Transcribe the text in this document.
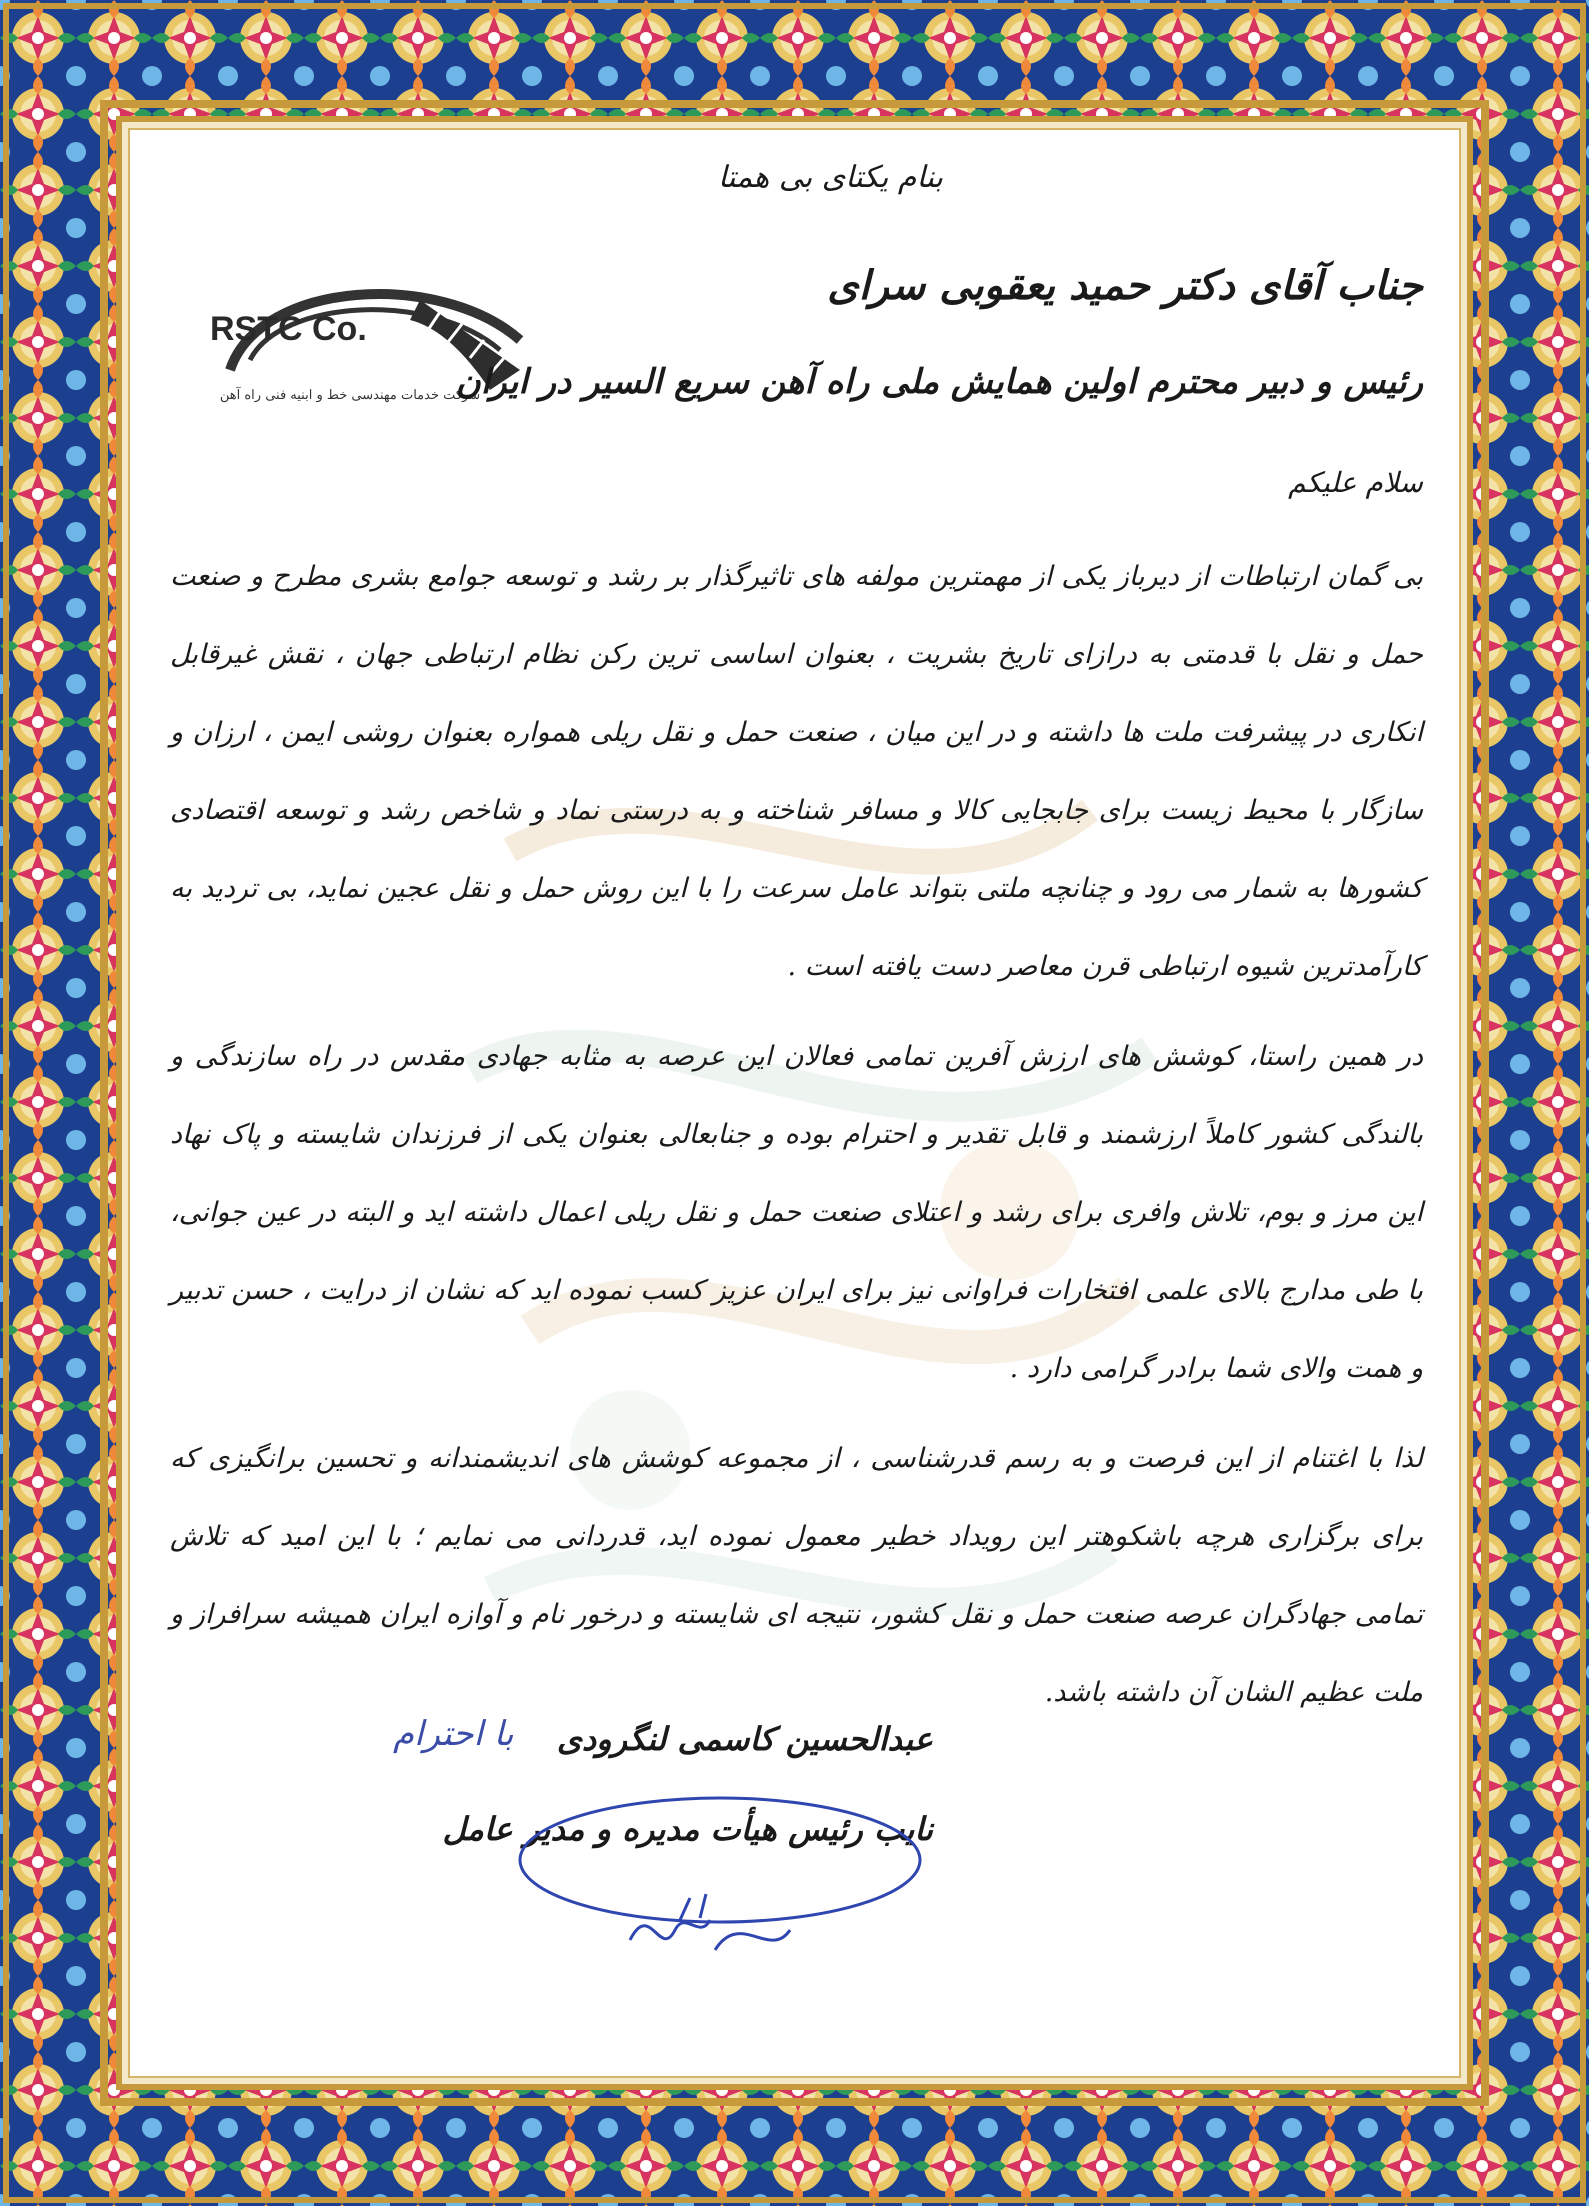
بنام یکتای بی همتا
RSTC Co.
شرکت خدمات مهندسی خط و ابنیه فنی راه آهن
جناب آقای دکتر حمید یعقوبی سرای
رئیس و دبیر محترم اولین همایش ملی راه آهن سریع السیر در ایران
سلام علیکم

بی گمان ارتباطات از دیرباز یکی از مهمترین مولفه های تاثیرگذار بر رشد و توسعه جوامع بشری مطرح و صنعت حمل و نقل با قدمتی به درازای تاریخ بشریت ، بعنوان اساسی ترین رکن نظام ارتباطی جهان ، نقش غیرقابل انکاری در پیشرفت ملت ها داشته و در این میان ، صنعت حمل و نقل ریلی همواره بعنوان روشی ایمن ، ارزان و سازگار با محیط زیست برای جابجایی کالا و مسافر شناخته و به درستی نماد و شاخص رشد و توسعه اقتصادی کشورها به شمار می رود و چنانچه ملتی بتواند عامل سرعت را با این روش حمل و نقل عجین نماید، بی تردید به کارآمدترین شیوه ارتباطی قرن معاصر دست یافته است .

در همین راستا، کوشش های ارزش آفرین تمامی فعالان این عرصه به مثابه جهادی مقدس در راه سازندگی و بالندگی کشور کاملاً ارزشمند و قابل تقدیر و احترام بوده و جنابعالی بعنوان یکی از فرزندان شایسته و پاک نهاد این مرز و بوم، تلاش وافری برای رشد و اعتلای صنعت حمل و نقل ریلی اعمال داشته اید و البته در عین جوانی، با طی مدارج بالای علمی افتخارات فراوانی نیز برای ایران عزیز کسب نموده اید که نشان از درایت ، حسن تدبیر و همت والای شما برادر گرامی دارد .

لذا با اغتنام از این فرصت و به رسم قدرشناسی ، از مجموعه کوشش های اندیشمندانه و تحسین برانگیزی که برای برگزاری هرچه باشکوهتر این رویداد خطیر معمول نموده اید، قدردانی می نمایم ؛ با این امید که تلاش تمامی جهادگران عرصه صنعت حمل و نقل کشور، نتیجه ای شایسته و درخور نام و آوازه ایران همیشه سرافراز و ملت عظیم الشان آن داشته باشد.

عبدالحسین کاسمی لنگرودی
با احترام
نایب رئیس هیأت مدیره و مدیر عامل
